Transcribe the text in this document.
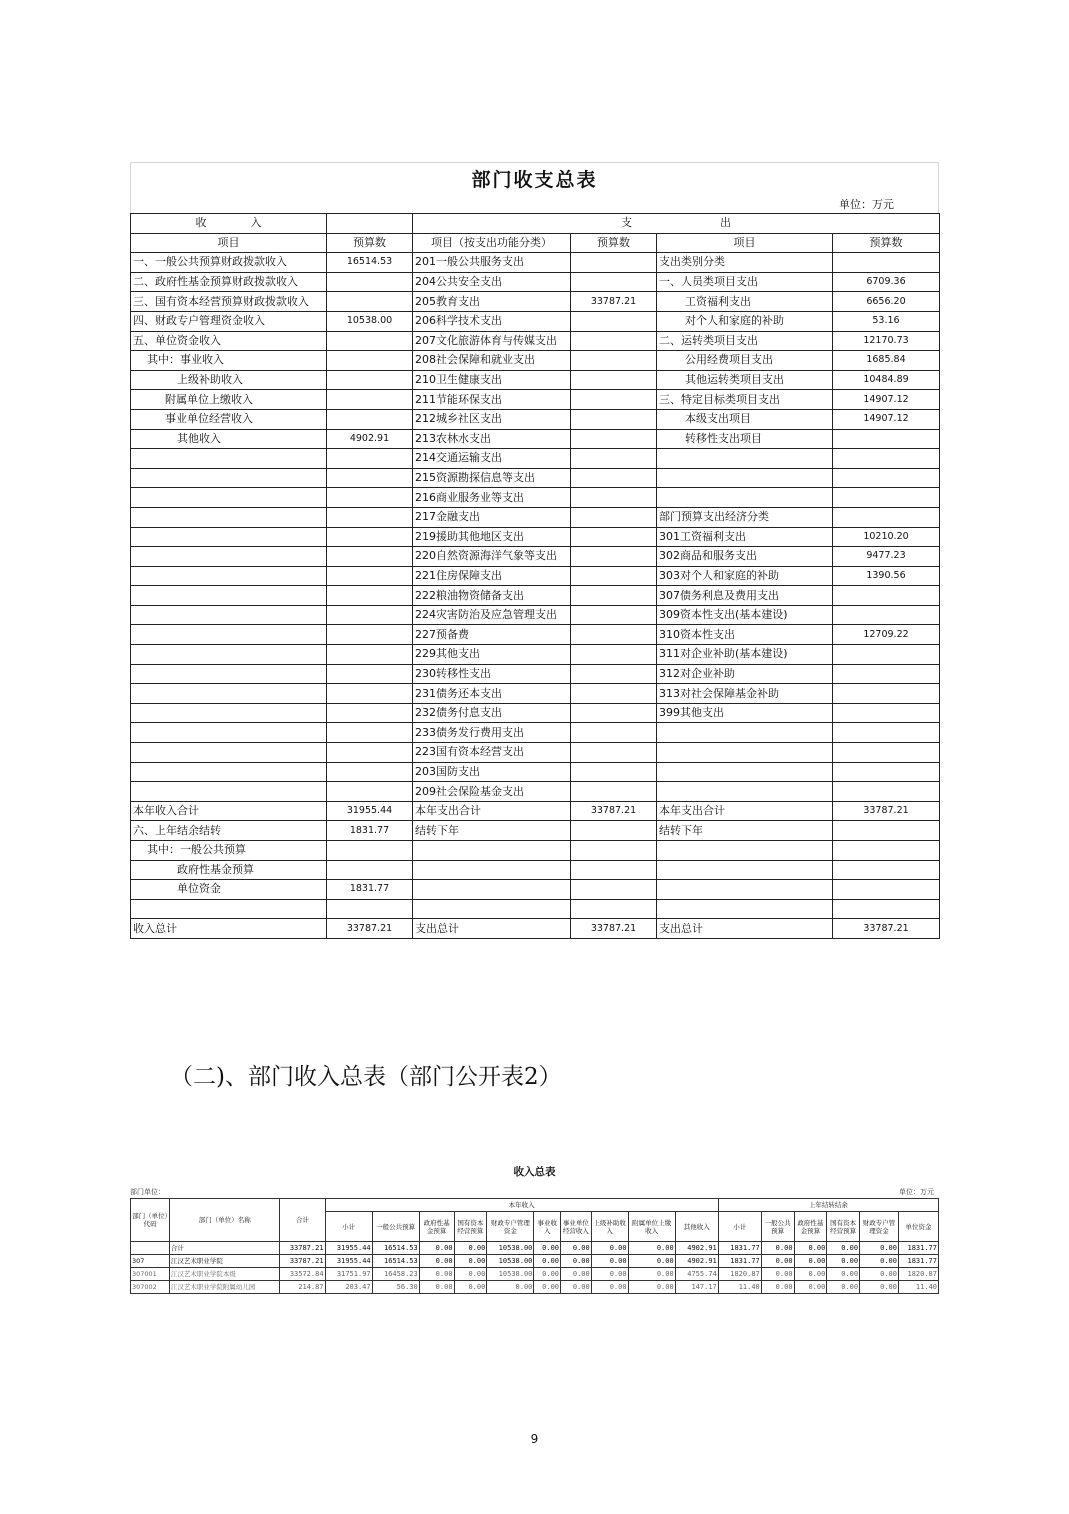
部门收支总表
单位：万元
收　　　　入		支　　　　　　　　出			
项目	预算数	项目（按支出功能分类）	预算数	项目	预算数
一、一般公共预算财政拨款收入	16514.53	201一般公共服务支出		支出类别分类	
二、政府性基金预算财政拨款收入		204公共安全支出		一、人员类项目支出	6709.36
三、国有资本经营预算财政拨款收入		205教育支出	33787.21	工资福利支出	6656.20
四、财政专户管理资金收入	10538.00	206科学技术支出		对个人和家庭的补助	53.16
五、单位资金收入		207文化旅游体育与传媒支出		二、运转类项目支出	12170.73
其中：事业收入		208社会保障和就业支出		公用经费项目支出	1685.84
上级补助收入		210卫生健康支出		其他运转类项目支出	10484.89
附属单位上缴收入		211节能环保支出		三、特定目标类项目支出	14907.12
事业单位经营收入		212城乡社区支出		本级支出项目	14907.12
其他收入	4902.91	213农林水支出		转移性支出项目	
		214交通运输支出			
		215资源勘探信息等支出			
		216商业服务业等支出			
		217金融支出		部门预算支出经济分类	
		219援助其他地区支出		301工资福利支出	10210.20
		220自然资源海洋气象等支出		302商品和服务支出	9477.23
		221住房保障支出		303对个人和家庭的补助	1390.56
		222粮油物资储备支出		307债务利息及费用支出	
		224灾害防治及应急管理支出		309资本性支出(基本建设)	
		227预备费		310资本性支出	12709.22
		229其他支出		311对企业补助(基本建设)	
		230转移性支出		312对企业补助	
		231债务还本支出		313对社会保障基金补助	
		232债务付息支出		399其他支出	
		233债务发行费用支出			
		223国有资本经营支出			
		203国防支出			
		209社会保险基金支出			
本年收入合计	31955.44	本年支出合计	33787.21	本年支出合计	33787.21
六、上年结余结转	1831.77	结转下年		结转下年	
其中：一般公共预算					
政府性基金预算					
单位资金	1831.77				

收入总计	33787.21	支出总计	33787.21	支出总计	33787.21
（二)、部门收入总表（部门公开表2）
收入总表
部门单位：	单位：万元
部门（单位）代码	部门（单位）名称	合计	本年收入										上年结转结余					
			小计	一般公共预算	政府性基金预算	国有资本经营预算	财政专户管理资金	事业收入	事业单位经营收入	上级补助收入	附属单位上缴收入	其他收入	小计	一般公共预算	政府性基金预算	国有资本经营预算	财政专户管理资金	单位资金
	合计	33787.21	31955.44	16514.53	0.00	0.00	10538.00	0.00	0.00	0.00	0.00	4902.91	1831.77	0.00	0.00	0.00	0.00	1831.77
307	江汉艺术职业学院	33787.21	31955.44	16514.53	0.00	0.00	10538.00	0.00	0.00	0.00	0.00	4902.91	1831.77	0.00	0.00	0.00	0.00	1831.77
307001	江汉艺术职业学院本级	33572.84	31751.97	16458.23	0.00	0.00	10538.00	0.00	0.00	0.00	0.00	4755.74	1820.87	0.00	0.00	0.00	0.00	1820.87
307002	江汉艺术职业学院附属幼儿园	214.87	203.47	56.30	0.00	0.00	0.00	0.00	0.00	0.00	0.00	147.17	11.40	0.00	0.00	0.00	0.00	11.40
9
